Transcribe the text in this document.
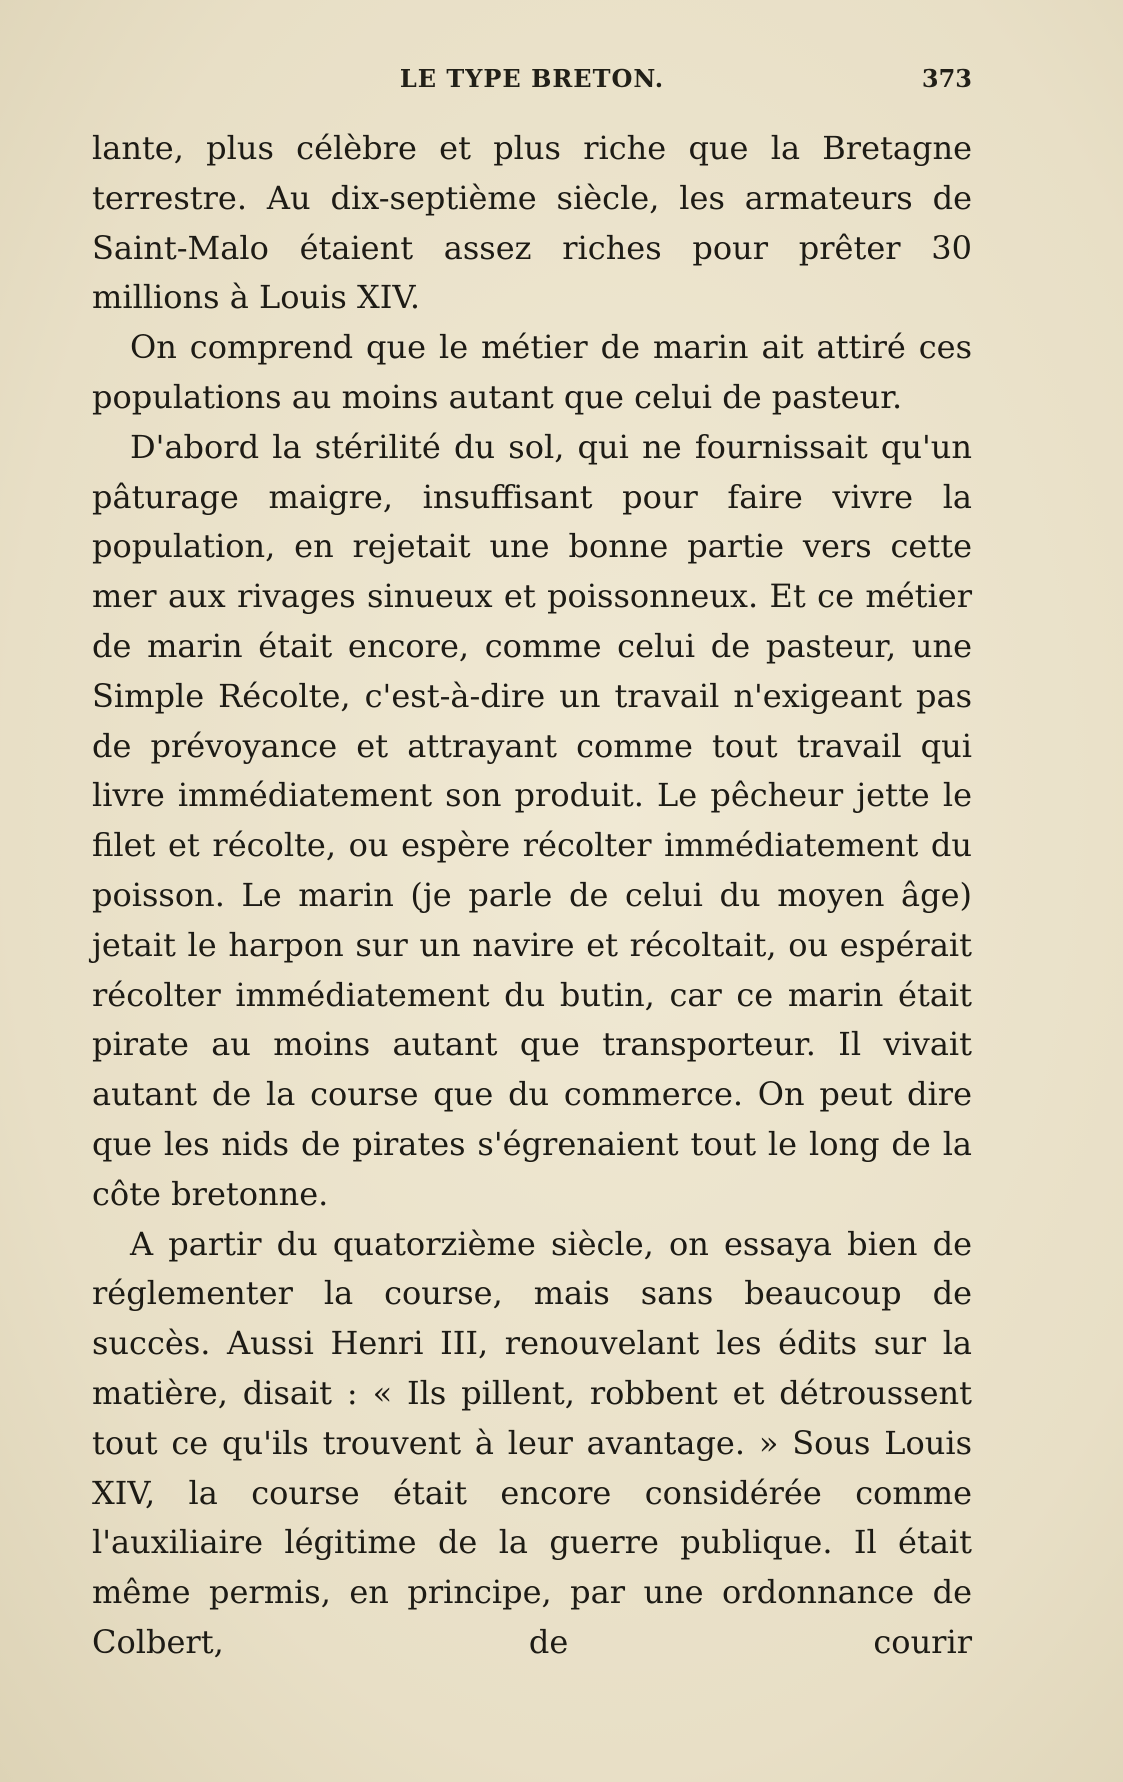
LE TYPE BRETON.	373

lante, plus célèbre et plus riche que la Bretagne terrestre. Au dix-septième siècle, les armateurs de Saint-Malo étaient assez riches pour prêter 30 millions à Louis XIV.

On comprend que le métier de marin ait attiré ces populations au moins autant que celui de pasteur.

D'abord la stérilité du sol, qui ne fournissait qu'un pâturage maigre, insuffisant pour faire vivre la population, en rejetait une bonne partie vers cette mer aux rivages sinueux et poissonneux. Et ce métier de marin était encore, comme celui de pasteur, une Simple Récolte, c'est-à-dire un travail n'exigeant pas de prévoyance et attrayant comme tout travail qui livre immédiatement son produit. Le pêcheur jette le filet et récolte, ou espère récolter immédiatement du poisson. Le marin (je parle de celui du moyen âge) jetait le harpon sur un navire et récoltait, ou espérait récolter immédiatement du butin, car ce marin était pirate au moins autant que transporteur. Il vivait autant de la course que du commerce. On peut dire que les nids de pirates s'égrenaient tout le long de la côte bretonne.

A partir du quatorzième siècle, on essaya bien de réglementer la course, mais sans beaucoup de succès. Aussi Henri III, renouvelant les édits sur la matière, disait : « Ils pillent, robbent et détroussent tout ce qu'ils trouvent à leur avantage. » Sous Louis XIV, la course était encore considérée comme l'auxiliaire légitime de la guerre publique. Il était même permis, en principe, par une ordonnance de Colbert, de courir
